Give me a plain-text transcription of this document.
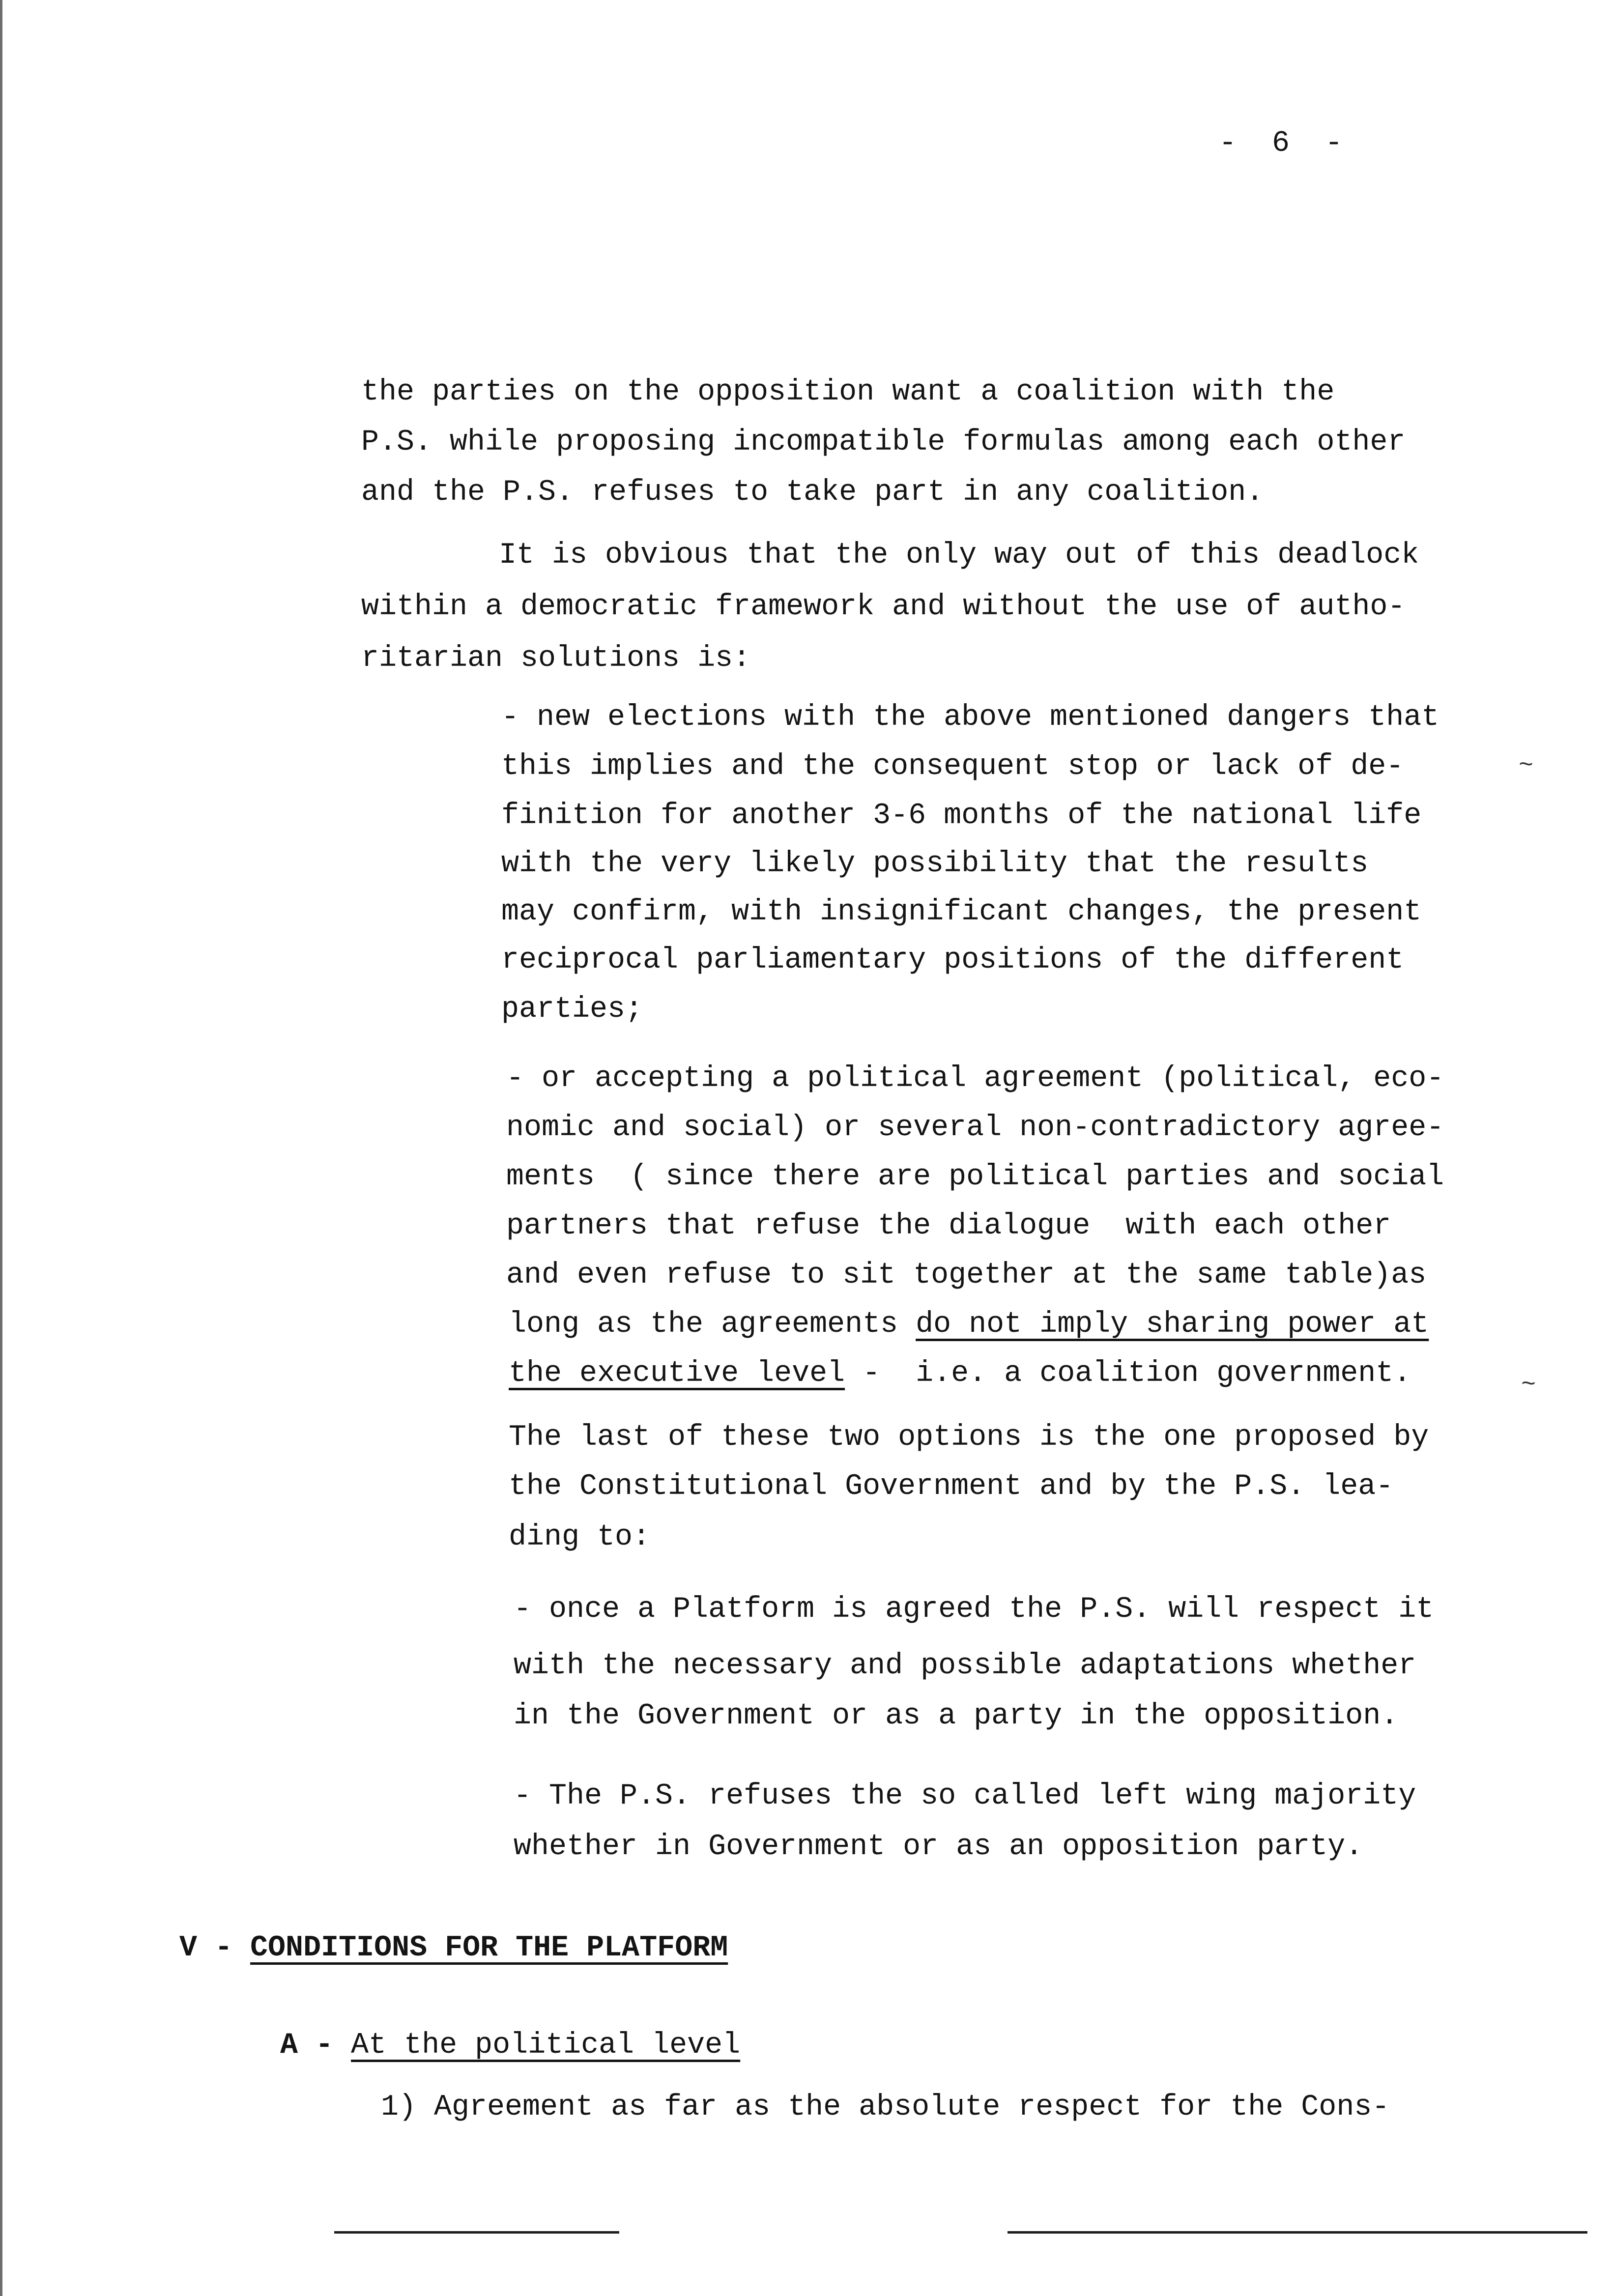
- 6 -
the parties on the opposition want a coalition with the
P.S. while proposing incompatible formulas among each other
and the P.S. refuses to take part in any coalition.
It is obvious that the only way out of this deadlock
within a democratic framework and without the use of autho-
ritarian solutions is:
- new elections with the above mentioned dangers that
this implies and the consequent stop or lack of de-
finition for another 3-6 months of the national life
with the very likely possibility that the results
may confirm, with insignificant changes, the present
reciprocal parliamentary positions of the different
parties;
- or accepting a political agreement (political, eco-
nomic and social) or several non-contradictory agree-
ments  ( since there are political parties and social
partners that refuse the dialogue  with each other
and even refuse to sit together at the same table)as
long as the agreements do not imply sharing power at
the executive level -  i.e. a coalition government.
The last of these two options is the one proposed by
the Constitutional Government and by the P.S. lea-
ding to:
- once a Platform is agreed the P.S. will respect it
with the necessary and possible adaptations whether
in the Government or as a party in the opposition.
- The P.S. refuses the so called left wing majority
whether in Government or as an opposition party.
V - CONDITIONS FOR THE PLATFORM
A - At the political level
1) Agreement as far as the absolute respect for the Cons-
~
~
